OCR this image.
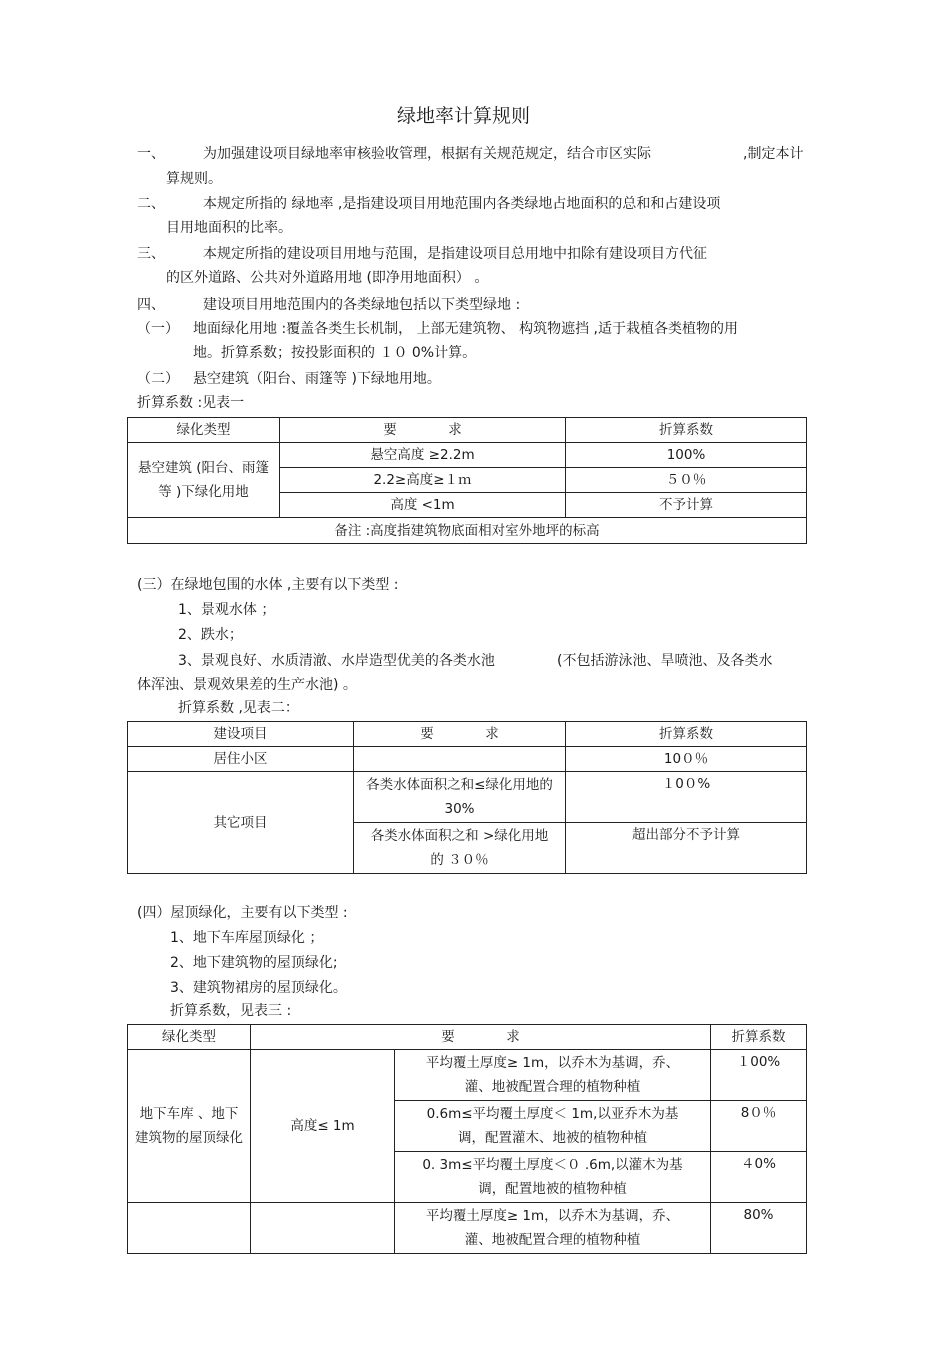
绿地率计算规则
一、	为加强建设项目绿地率审核验收管理，根据有关规范规定，结合市区实际	,制定本计
算规则。
二、	本规定所指的 绿地率 ,是指建设项目用地范围内各类绿地占地面积的总和和占建设项
目用地面积的比率。
三、	本规定所指的建设项目用地与范围，是指建设项目总用地中扣除有建设项目方代征
的区外道路、公共对外道路用地 (即净用地面积） 。
四、	建设项目用地范围内的各类绿地包括以下类型绿地 :
（一） 地面绿化用地 :覆盖各类生长机制， 上部无建筑物、 构筑物遮挡 ,适于栽植各类植物的用
地。折算系数；按投影面积的 １０ 0%计算。
（二） 悬空建筑（阳台、雨篷等 )下绿地用地。
折算系数 :见表一
绿化类型	要            求	折算系数
悬空建筑 (阳台、雨篷等 )下绿化用地	悬空高度 ≥2.2m	100%
	2.2≥高度≥１ｍ	５０％
	高度 <1m	不予计算
备注 :高度指建筑物底面相对室外地坪的标高		
(三）在绿地包围的水体 ,主要有以下类型 :
1、景观水体 ；
2、跌水；
3、景观良好、水质清澈、水岸造型优美的各类水池	(不包括游泳池、旱喷池、及各类水
体浑浊、景观效果差的生产水池) 。
折算系数 ,见表二：
建设项目	要            求	折算系数
居住小区		10０％
其它项目	各类水体面积之和≤绿化用地的 30%	１0０%
	各类水体面积之和 >绿化用地的 ３０％	超出部分不予计算
(四）屋顶绿化，主要有以下类型 :
1、地下车库屋顶绿化 ；
2、地下建筑物的屋顶绿化;
3、建筑物裙房的屋顶绿化。
折算系数，见表三 :
绿化类型	要            求		折算系数
地下车库 、地下建筑物的屋顶绿化	高度≤ 1m	平均覆土厚度≥ 1m，以乔木为基调，乔、灌、地被配置合理的植物种植	１00%
		0.6m≤平均覆土厚度＜ 1m,以亚乔木为基调，配置灌木、地被的植物种植	8０％
		0. 3m≤平均覆土厚度＜０ .6m,以灌木为基调，配置地被的植物种植	４0%
		平均覆土厚度≥ 1m，以乔木为基调，乔、灌、地被配置合理的植物种植	80%
